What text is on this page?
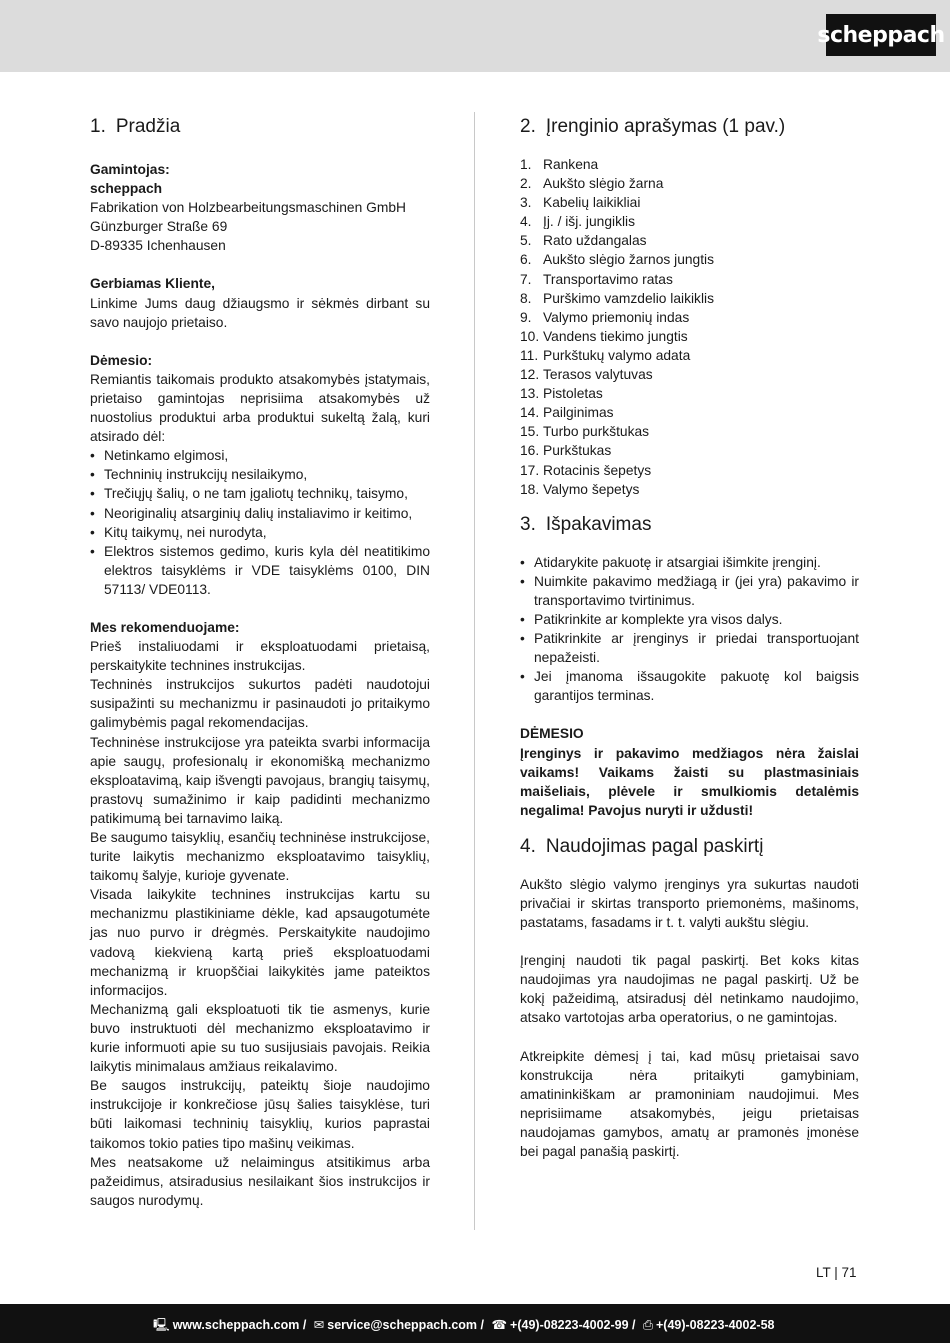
scheppach
1. Pradžia

Gamintojas:

scheppach

Fabrikation von Holzbearbeitungsmaschinen GmbH

Günzburger Straße 69

D-89335 Ichenhausen

Gerbiamas Kliente,

Linkime Jums daug džiaugsmo ir sėkmės dirbant su savo naujojo prietaiso.

Dėmesio:

Remiantis taikomais produkto atsakomybės įstatymais, prietaiso gamintojas neprisiima atsakomybės už nuostolius produktui arba produktui sukeltą žalą, kuri atsirado dėl:

• Netinkamo elgimosi,
• Techninių instrukcijų nesilaikymo,
• Trečiųjų šalių, o ne tam įgaliotų technikų, taisymo,
• Neoriginalių atsarginių dalių instaliavimo ir keitimo,
• Kitų taikymų, nei nurodyta,
• Elektros sistemos gedimo, kuris kyla dėl neatitikimo elektros taisyklėms ir VDE taisyklėms 0100, DIN 57113/ VDE0113.

Mes rekomenduojame:

Prieš instaliuodami ir eksploatuodami prietaisą, perskaitykite technines instrukcijas.

Techninės instrukcijos sukurtos padėti naudotojui susipažinti su mechanizmu ir pasinaudoti jo pritaikymo galimybėmis pagal rekomendacijas.

Techninėse instrukcijose yra pateikta svarbi informacija apie saugų, profesionalų ir ekonomišką mechanizmo eksploatavimą, kaip išvengti pavojaus, brangių taisymų, prastovų sumažinimo ir kaip padidinti mechanizmo patikimumą bei tarnavimo laiką.

Be saugumo taisyklių, esančių techninėse instrukcijose, turite laikytis mechanizmo eksploatavimo taisyklių, taikomų šalyje, kurioje gyvenate.

Visada laikykite technines instrukcijas kartu su mechanizmu plastikiniame dėkle, kad apsaugotumėte jas nuo purvo ir drėgmės. Perskaitykite naudojimo vadovą kiekvieną kartą prieš eksploatuodami mechanizmą ir kruopščiai laikykitės jame pateiktos informacijos.

Mechanizmą gali eksploatuoti tik tie asmenys, kurie buvo instruktuoti dėl mechanizmo eksploatavimo ir kurie informuoti apie su tuo susijusiais pavojais. Reikia laikytis minimalaus amžiaus reikalavimo.

Be saugos instrukcijų, pateiktų šioje naudojimo instrukcijoje ir konkrečiose jūsų šalies taisyklėse, turi būti laikomasi techninių taisyklių, kurios paprastai taikomos tokio paties tipo mašinų veikimas.

Mes neatsakome už nelaimingus atsitikimus arba pažeidimus, atsiradusius nesilaikant šios instrukcijos ir saugos nurodymų.

2. Įrenginio aprašymas (1 pav.)
1. Rankena
2. Aukšto slėgio žarna
3. Kabelių laikikliai
4. Įj. / išj. jungiklis
5. Rato uždangalas
6. Aukšto slėgio žarnos jungtis
7. Transportavimo ratas
8. Purškimo vamzdelio laikiklis
9. Valymo priemonių indas
10. Vandens tiekimo jungtis
11. Purkštukų valymo adata
12. Terasos valytuvas
13. Pistoletas
14. Pailginimas
15. Turbo purkštukas
16. Purkštukas
17. Rotacinis šepetys
18. Valymo šepetys
3. Išpakavimas
• Atidarykite pakuotę ir atsargiai išimkite įrenginį.
• Nuimkite pakavimo medžiagą ir (jei yra) pakavimo ir transportavimo tvirtinimus.
• Patikrinkite ar komplekte yra visos dalys.
• Patikrinkite ar įrenginys ir priedai transportuojant nepažeisti.
• Jei įmanoma išsaugokite pakuotę kol baigsis garantijos terminas.

DĖMESIO

Įrenginys ir pakavimo medžiagos nėra žaislai vaikams! Vaikams žaisti su plastmasiniais maišeliais, plėvele ir smulkiomis detalėmis negalima! Pavojus nuryti ir uždusti!

4. Naudojimas pagal paskirtį

Aukšto slėgio valymo įrenginys yra sukurtas naudoti privačiai ir skirtas transporto priemonėms, mašinoms, pastatams, fasadams ir t. t. valyti aukštu slėgiu.

Įrenginį naudoti tik pagal paskirtį. Bet koks kitas naudojimas yra naudojimas ne pagal paskirtį. Už be kokį pažeidimą, atsiradusį dėl netinkamo naudojimo, atsako vartotojas arba operatorius, o ne gamintojas.

Atkreipkite dėmesį į tai, kad mūsų prietaisai savo konstrukcija nėra pritaikyti gamybiniam, amatininkiškam ar pramoniniam naudojimui. Mes neprisiimame atsakomybės, jeigu prietaisas naudojamas gamybos, amatų ar pramonės įmonėse bei pagal panašią paskirtį.

LT | 71
🖳 www.scheppach.com / ✉ service@scheppach.com / ☎ +(49)-08223-4002-99 / ⎙ +(49)-08223-4002-58
